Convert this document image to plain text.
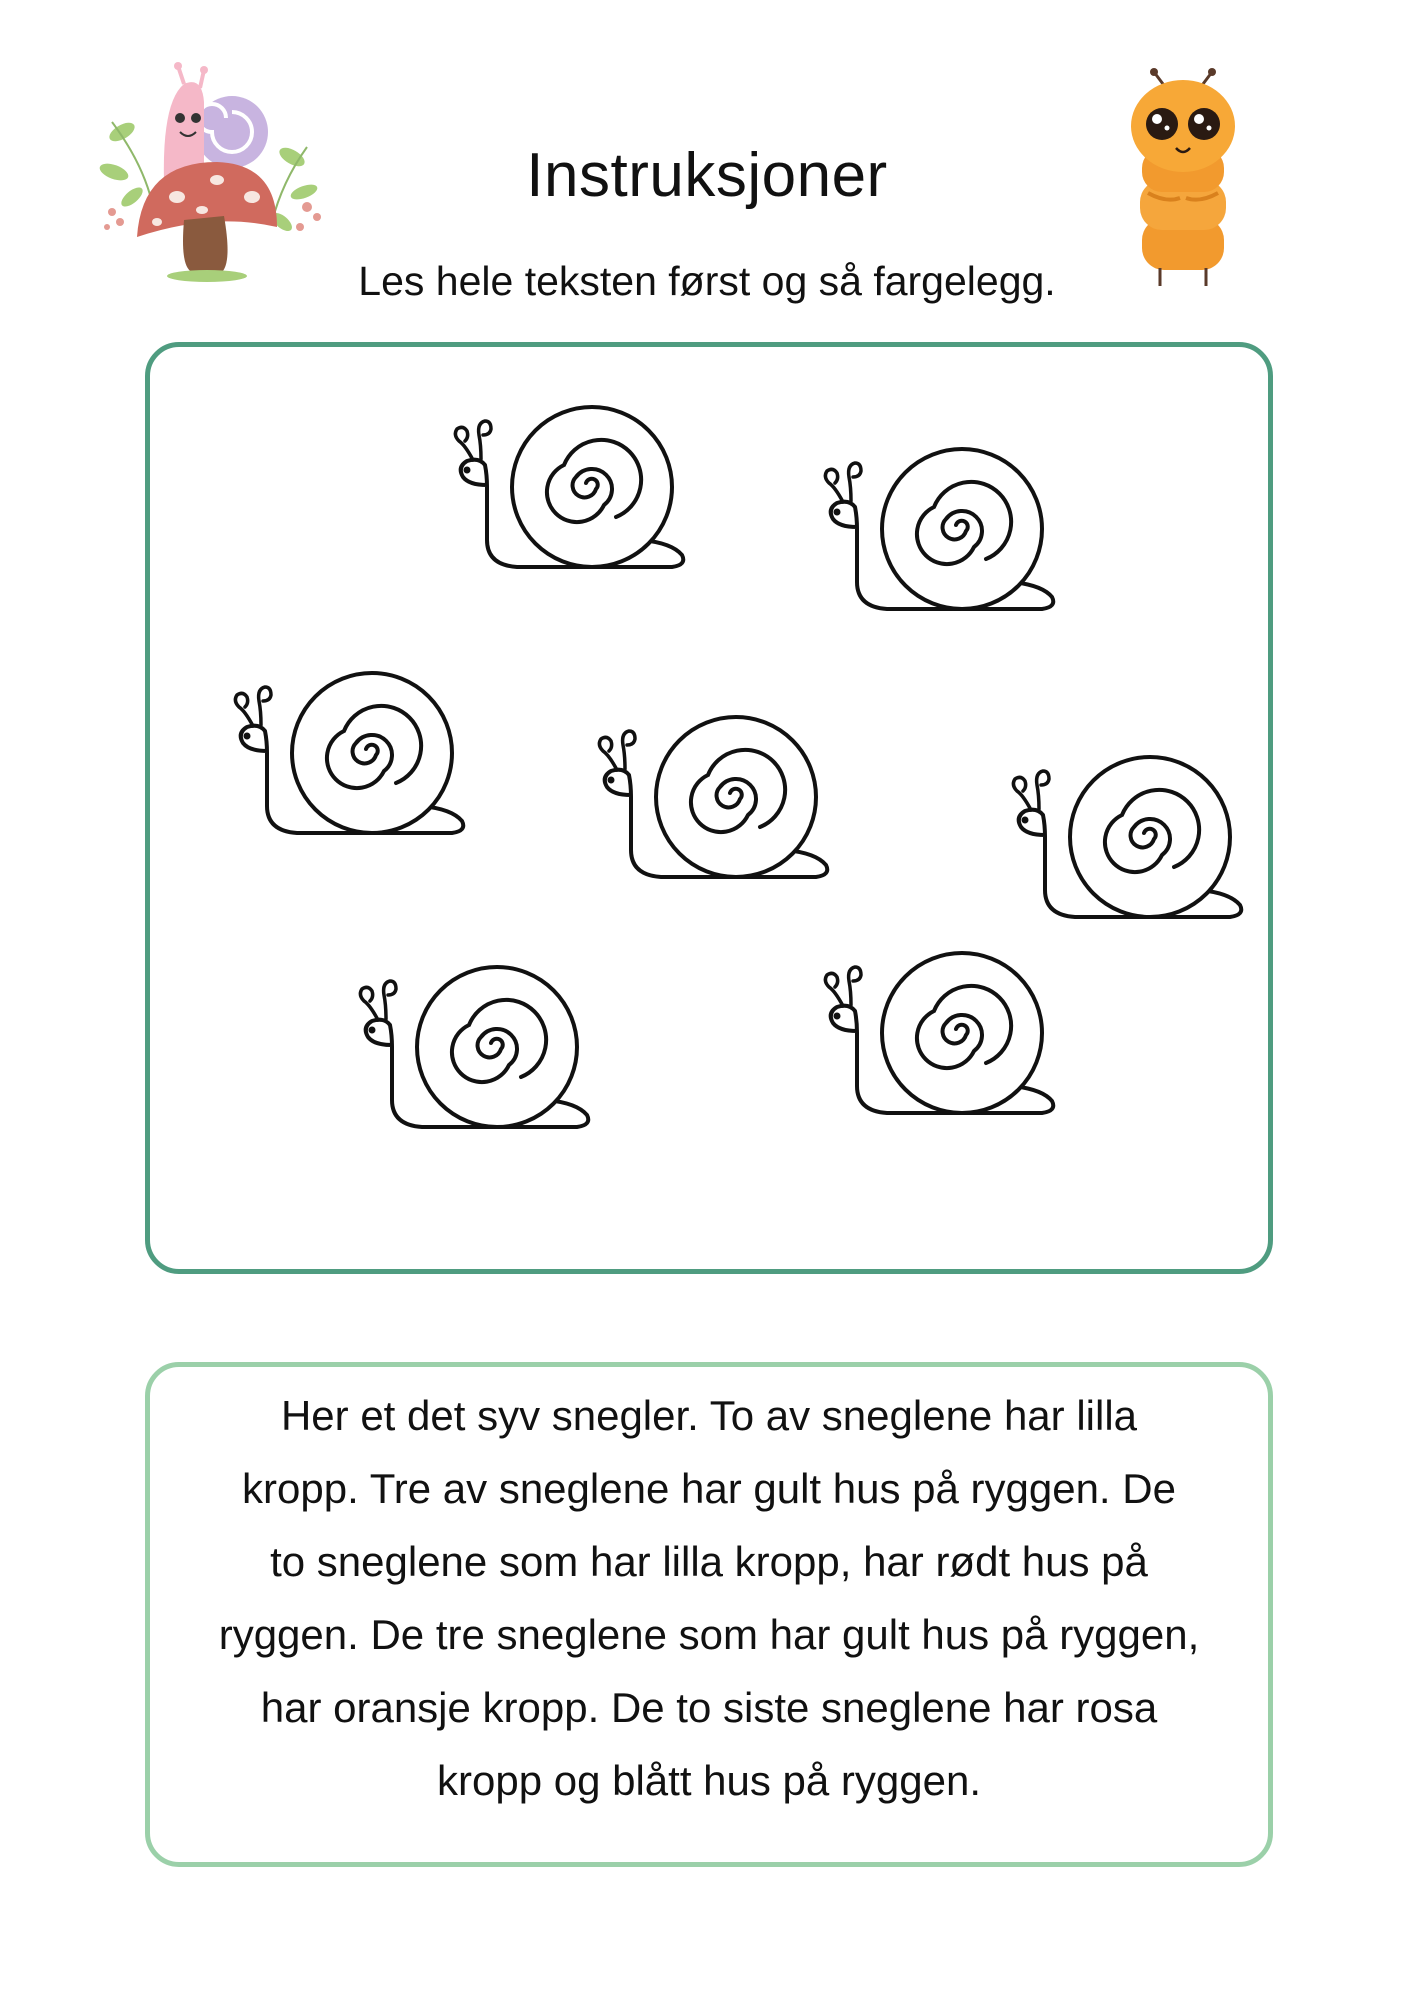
Instruksjoner

Les hele teksten først og så fargelegg.

Her et det syv snegler. To av sneglene har lilla
kropp. Tre av sneglene har gult hus på ryggen. De
to sneglene som har lilla kropp, har rødt hus på
ryggen. De tre sneglene som har gult hus på ryggen,
har oransje kropp. De to siste sneglene har rosa
kropp og blått hus på ryggen.
